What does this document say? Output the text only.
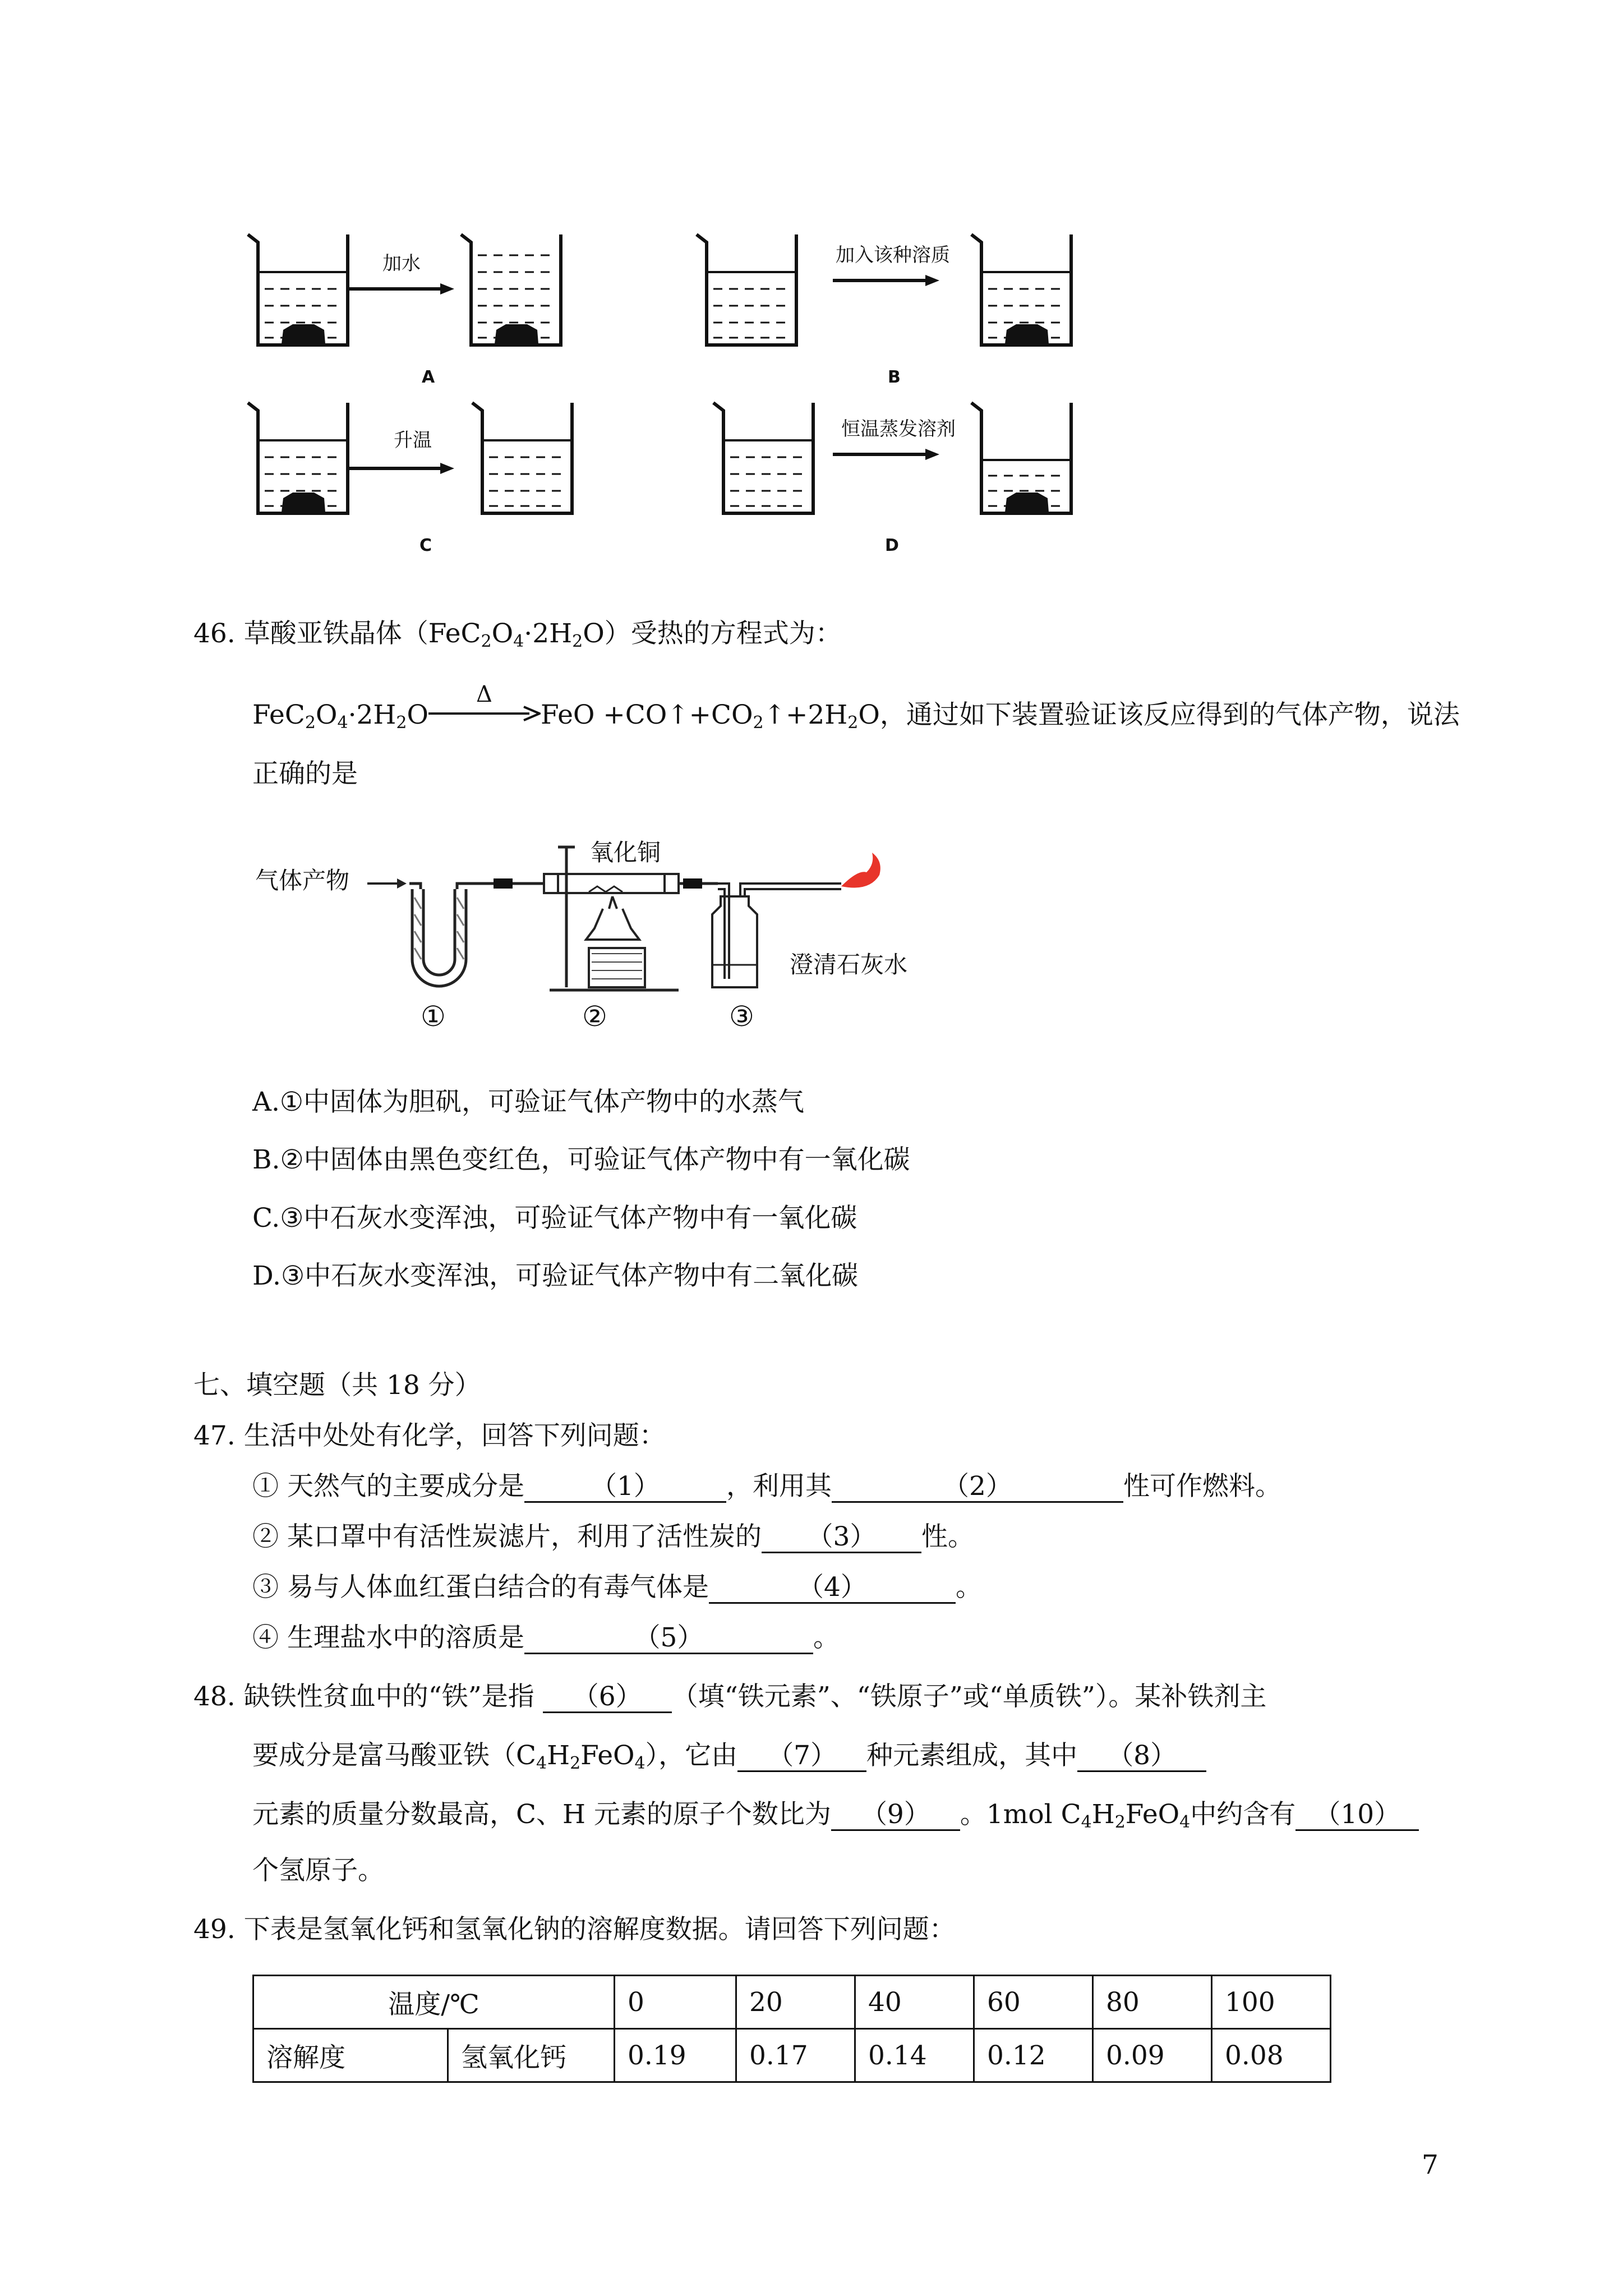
加水	加入该种溶质
升温	恒温蒸发溶剂
A	B
C	D
46. 草酸亚铁晶体$(FeC_2O_4\cdot 2H_2O)$受热的方程式为：
$FeC_2O_4\cdot 2H_2O$
Δ
FeO $+CO↑+CO_2↑+2H_2O$，通过如下装置验证该反应得到的气体产物，说法
正确的是
气体产物
氧化铜
澄清石灰水
①	②	③
A.①中固体为胆矾，可验证气体产物中的水蒸气
B.②中固体由黑色变红色，可验证气体产物中有一氧化碳
C.③中石灰水变浑浊，可验证气体产物中有一氧化碳
D.③中石灰水变浑浊，可验证气体产物中有二氧化碳
七、填空题（共 18 分）
47. 生活中处处有化学，回答下列问题：
① 天然气的主要成分是	（1）	，利用其	（2）	性可作燃料。
② 某口罩中有活性炭滤片，利用了活性炭的 （3） 性。
③ 易与人体血红蛋白结合的有毒气体是	（4）	。
④ 生理盐水中的溶质是	（5）	。
48. 缺铁性贫血中的“铁”是指 （6） （填“铁元素”、“铁原子”或“单质铁”）。某补铁剂主
要成分是富马酸亚铁$(C_4H_2FeO_4)$，它由 （7） 种元素组成，其中 （8）
元素的质量分数最高，C、H 元素的原子个数比为 （9） 。1mol $C_4H_2FeO_4$中约含有 （10）
个氢原子。
49. 下表是氢氧化钙和氢氧化钠的溶解度数据。请回答下列问题：
温度/℃		0	20	40	60	80	100
溶解度	氢氧化钙	0.19	0.17	0.14	0.12	0.09	0.08
7
